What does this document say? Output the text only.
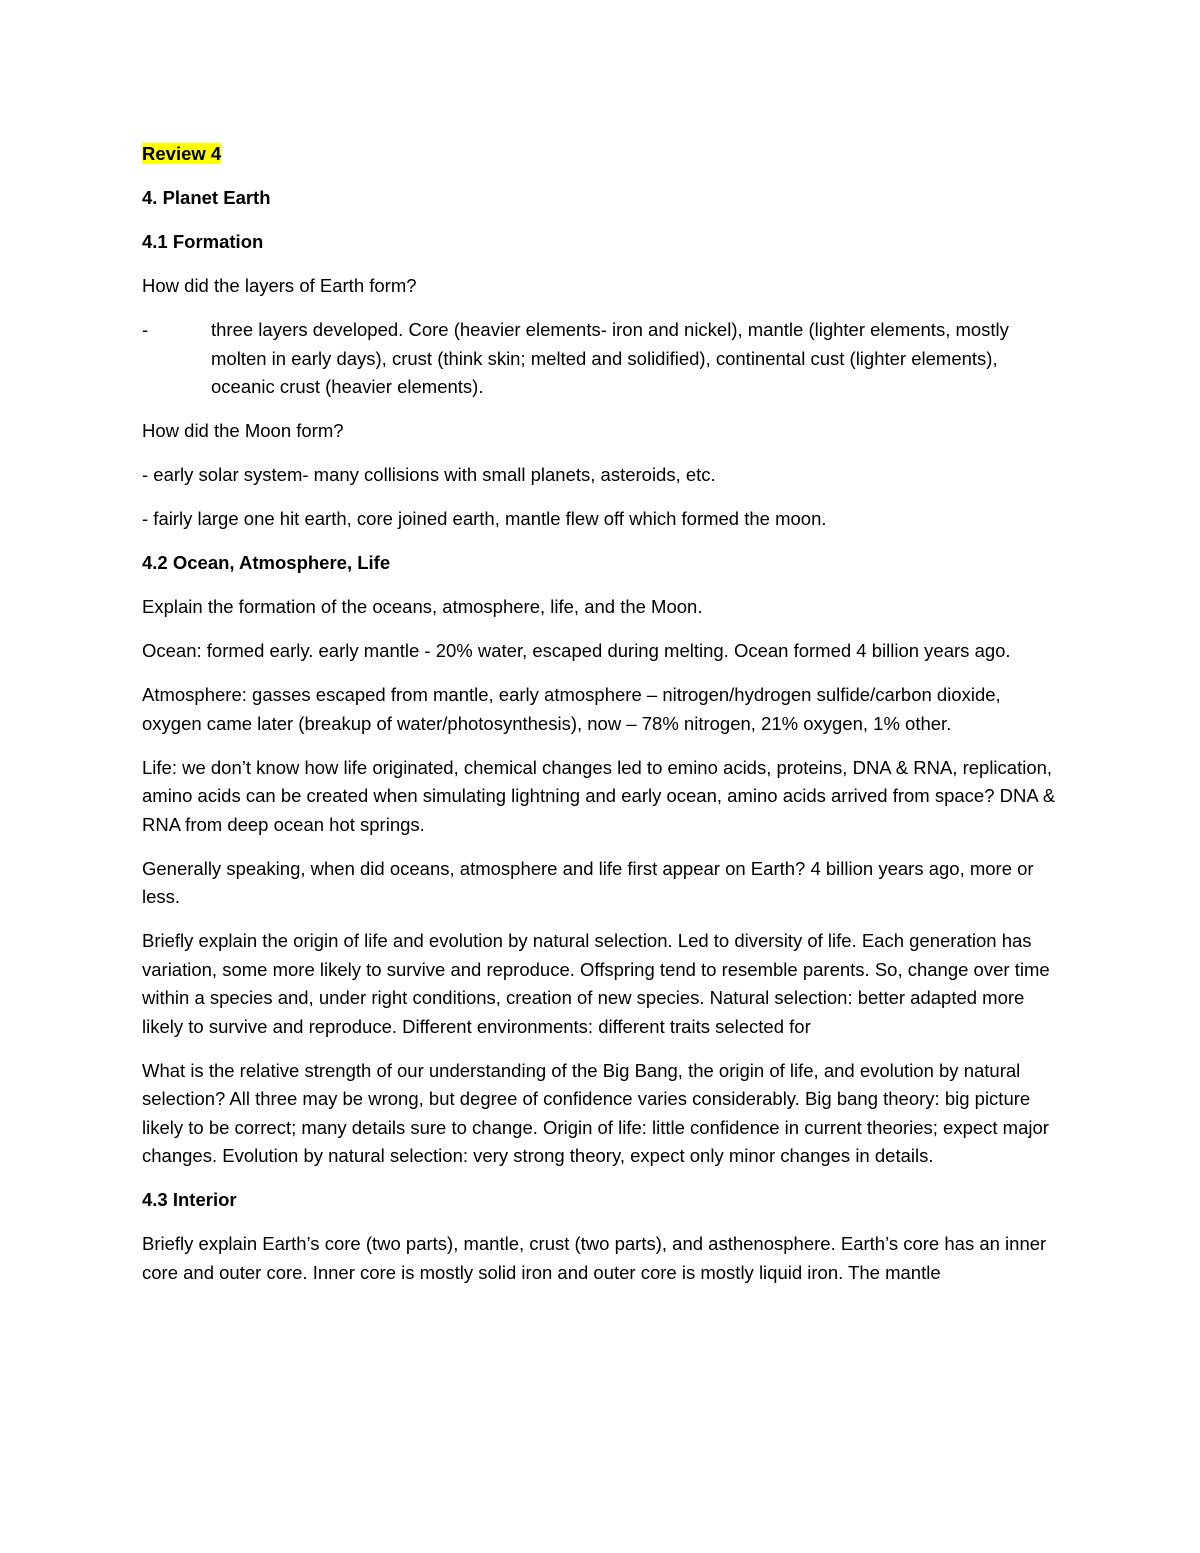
Review 4
4. Planet Earth
4.1 Formation
How did the layers of Earth form?
-	three layers developed. Core (heavier elements- iron and nickel), mantle (lighter elements, mostly molten in early days), crust (think skin; melted and solidified), continental cust (lighter elements), oceanic crust (heavier elements).
How did the Moon form?
- early solar system- many collisions with small planets, asteroids, etc.
- fairly large one hit earth, core joined earth, mantle flew off which formed the moon.
4.2 Ocean, Atmosphere, Life
Explain the formation of the oceans, atmosphere, life, and the Moon.
Ocean: formed early. early mantle - 20% water, escaped during melting. Ocean formed 4 billion years ago.
Atmosphere: gasses escaped from mantle, early atmosphere – nitrogen/hydrogen sulfide/carbon dioxide, oxygen came later (breakup of water/photosynthesis), now – 78% nitrogen, 21% oxygen, 1% other.
Life: we don’t know how life originated, chemical changes led to emino acids, proteins, DNA & RNA, replication, amino acids can be created when simulating lightning and early ocean, amino acids arrived from space? DNA & RNA from deep ocean hot springs.
Generally speaking, when did oceans, atmosphere and life first appear on Earth? 4 billion years ago, more or less.
Briefly explain the origin of life and evolution by natural selection. Led to diversity of life. Each generation has variation, some more likely to survive and reproduce. Offspring tend to resemble parents. So, change over time within a species and, under right conditions, creation of new species. Natural selection: better adapted more likely to survive and reproduce. Different environments: different traits selected for
What is the relative strength of our understanding of the Big Bang, the origin of life, and evolution by natural selection? All three may be wrong, but degree of confidence varies considerably. Big bang theory: big picture likely to be correct; many details sure to change. Origin of life: little confidence in current theories; expect major changes. Evolution by natural selection: very strong theory, expect only minor changes in details.
4.3 Interior
Briefly explain Earth’s core (two parts), mantle, crust (two parts), and asthenosphere. Earth’s core has an inner core and outer core. Inner core is mostly solid iron and outer core is mostly liquid iron. The mantle
